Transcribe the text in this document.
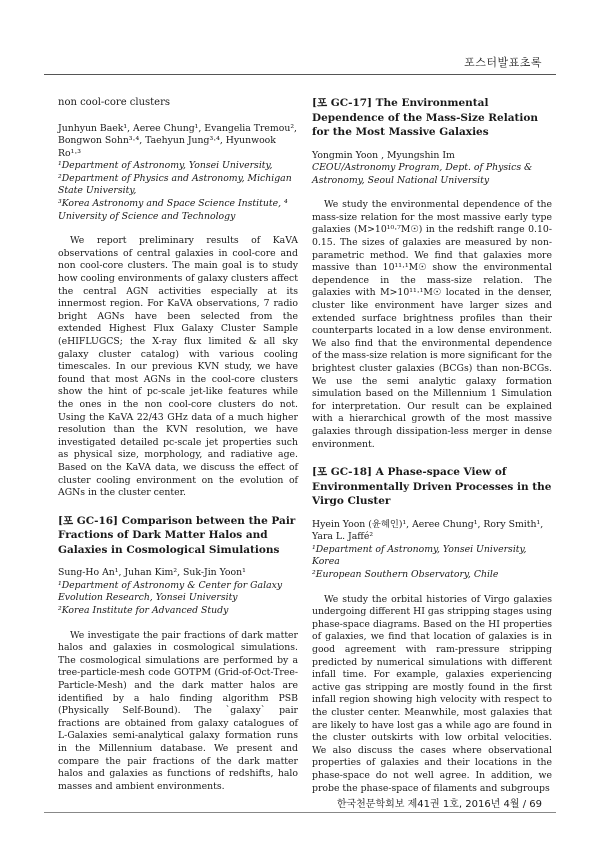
포스터발표초록
non cool-core clusters
Junhyun Baek¹, Aeree Chung¹, Evangelia Tremou², Bongwon Sohn³·⁴, Taehyun Jung³·⁴, Hyunwook Ro¹·³
¹Department of Astronomy, Yonsei University,
²Department of Physics and Astronomy, Michigan State University,
³Korea Astronomy and Space Science Institute, ⁴ University of Science and Technology

We report preliminary results of KaVA observations of central galaxies in cool-core and non cool-core clusters. The main goal is to study how cooling environments of galaxy clusters affect the central AGN activities especially at its innermost region. For KaVA observations, 7 radio bright AGNs have been selected from the extended Highest Flux Galaxy Cluster Sample (eHIFLUGCS; the X-ray flux limited & all sky galaxy cluster catalog) with various cooling timescales. In our previous KVN study, we have found that most AGNs in the cool-core clusters show the hint of pc-scale jet-like features while the ones in the non cool-core clusters do not. Using the KaVA 22/43 GHz data of a much higher resolution than the KVN resolution, we have investigated detailed pc-scale jet properties such as physical size, morphology, and radiative age. Based on the KaVA data, we discuss the effect of cluster cooling environment on the evolution of AGNs in the cluster center.

[포 GC-16] Comparison between the Pair Fractions of Dark Matter Halos and Galaxies in Cosmological Simulations
Sung-Ho An¹, Juhan Kim², Suk-Jin Yoon¹
¹Department of Astronomy & Center for Galaxy Evolution Research, Yonsei University
²Korea Institute for Advanced Study

We investigate the pair fractions of dark matter halos and galaxies in cosmological simulations. The cosmological simulations are performed by a tree-particle-mesh code GOTPM (Grid-of-Oct-Tree-Particle-Mesh) and the dark matter halos are identified by a halo finding algorithm PSB (Physically Self-Bound). The `galaxy` pair fractions are obtained from galaxy catalogues of L-Galaxies semi-analytical galaxy formation runs in the Millennium database. We present and compare the pair fractions of the dark matter halos and galaxies as functions of redshifts, halo masses and ambient environments.

[포 GC-17] The Environmental Dependence of the Mass-Size Relation for the Most Massive Galaxies
Yongmin Yoon , Myungshin Im
CEOU/Astronomy Program, Dept. of Physics & Astronomy, Seoul National University

We study the environmental dependence of the mass-size relation for the most massive early type galaxies (M>10¹⁰·⁷M☉) in the redshift range 0.10-0.15. The sizes of galaxies are measured by non-parametric method. We find that galaxies more massive than 10¹¹·¹M☉ show the environmental dependence in the mass-size relation. The galaxies with M>10¹¹·¹M☉ located in the denser, cluster like environment have larger sizes and extended surface brightness profiles than their counterparts located in a low dense environment. We also find that the environmental dependence of the mass-size relation is more significant for the brightest cluster galaxies (BCGs) than non-BCGs. We use the semi analytic galaxy formation simulation based on the Millennium 1 Simulation for interpretation. Our result can be explained with a hierarchical growth of the most massive galaxies through dissipation-less merger in dense environment.

[포 GC-18] A Phase-space View of Environmentally Driven Processes in the Virgo Cluster
Hyein Yoon (윤혜인)¹, Aeree Chung¹, Rory Smith¹, Yara L. Jaffé²
¹Department of Astronomy, Yonsei University, Korea
²European Southern Observatory, Chile

We study the orbital histories of Virgo galaxies undergoing different HI gas stripping stages using phase-space diagrams. Based on the HI properties of galaxies, we find that location of galaxies is in good agreement with ram-pressure stripping predicted by numerical simulations with different infall time. For example, galaxies experiencing active gas stripping are mostly found in the first infall region showing high velocity with respect to the cluster center. Meanwhile, most galaxies that are likely to have lost gas a while ago are found in the cluster outskirts with low orbital velocities. We also discuss the cases where observational properties of galaxies and their locations in the phase-space do not well agree. In addition, we probe the phase-space of filaments and subgroups

한국천문학회보 제41권 1호, 2016년 4월 / 69
